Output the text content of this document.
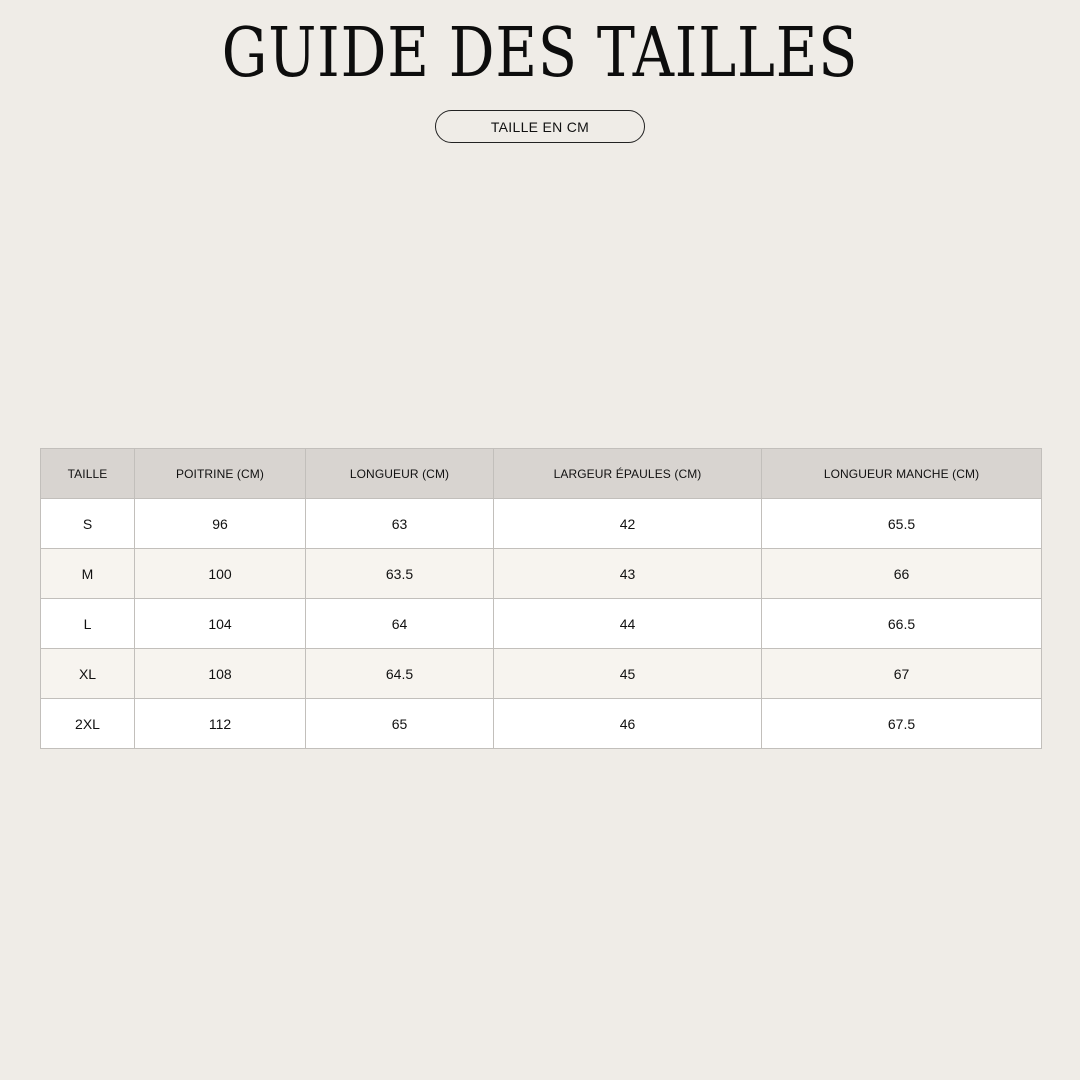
GUIDE DES TAILLES
TAILLE EN CM
TAILLE	POITRINE (CM)	LONGUEUR (CM)	LARGEUR ÉPAULES (CM)	LONGUEUR MANCHE (CM)
S	96	63	42	65.5
M	100	63.5	43	66
L	104	64	44	66.5
XL	108	64.5	45	67
2XL	112	65	46	67.5
